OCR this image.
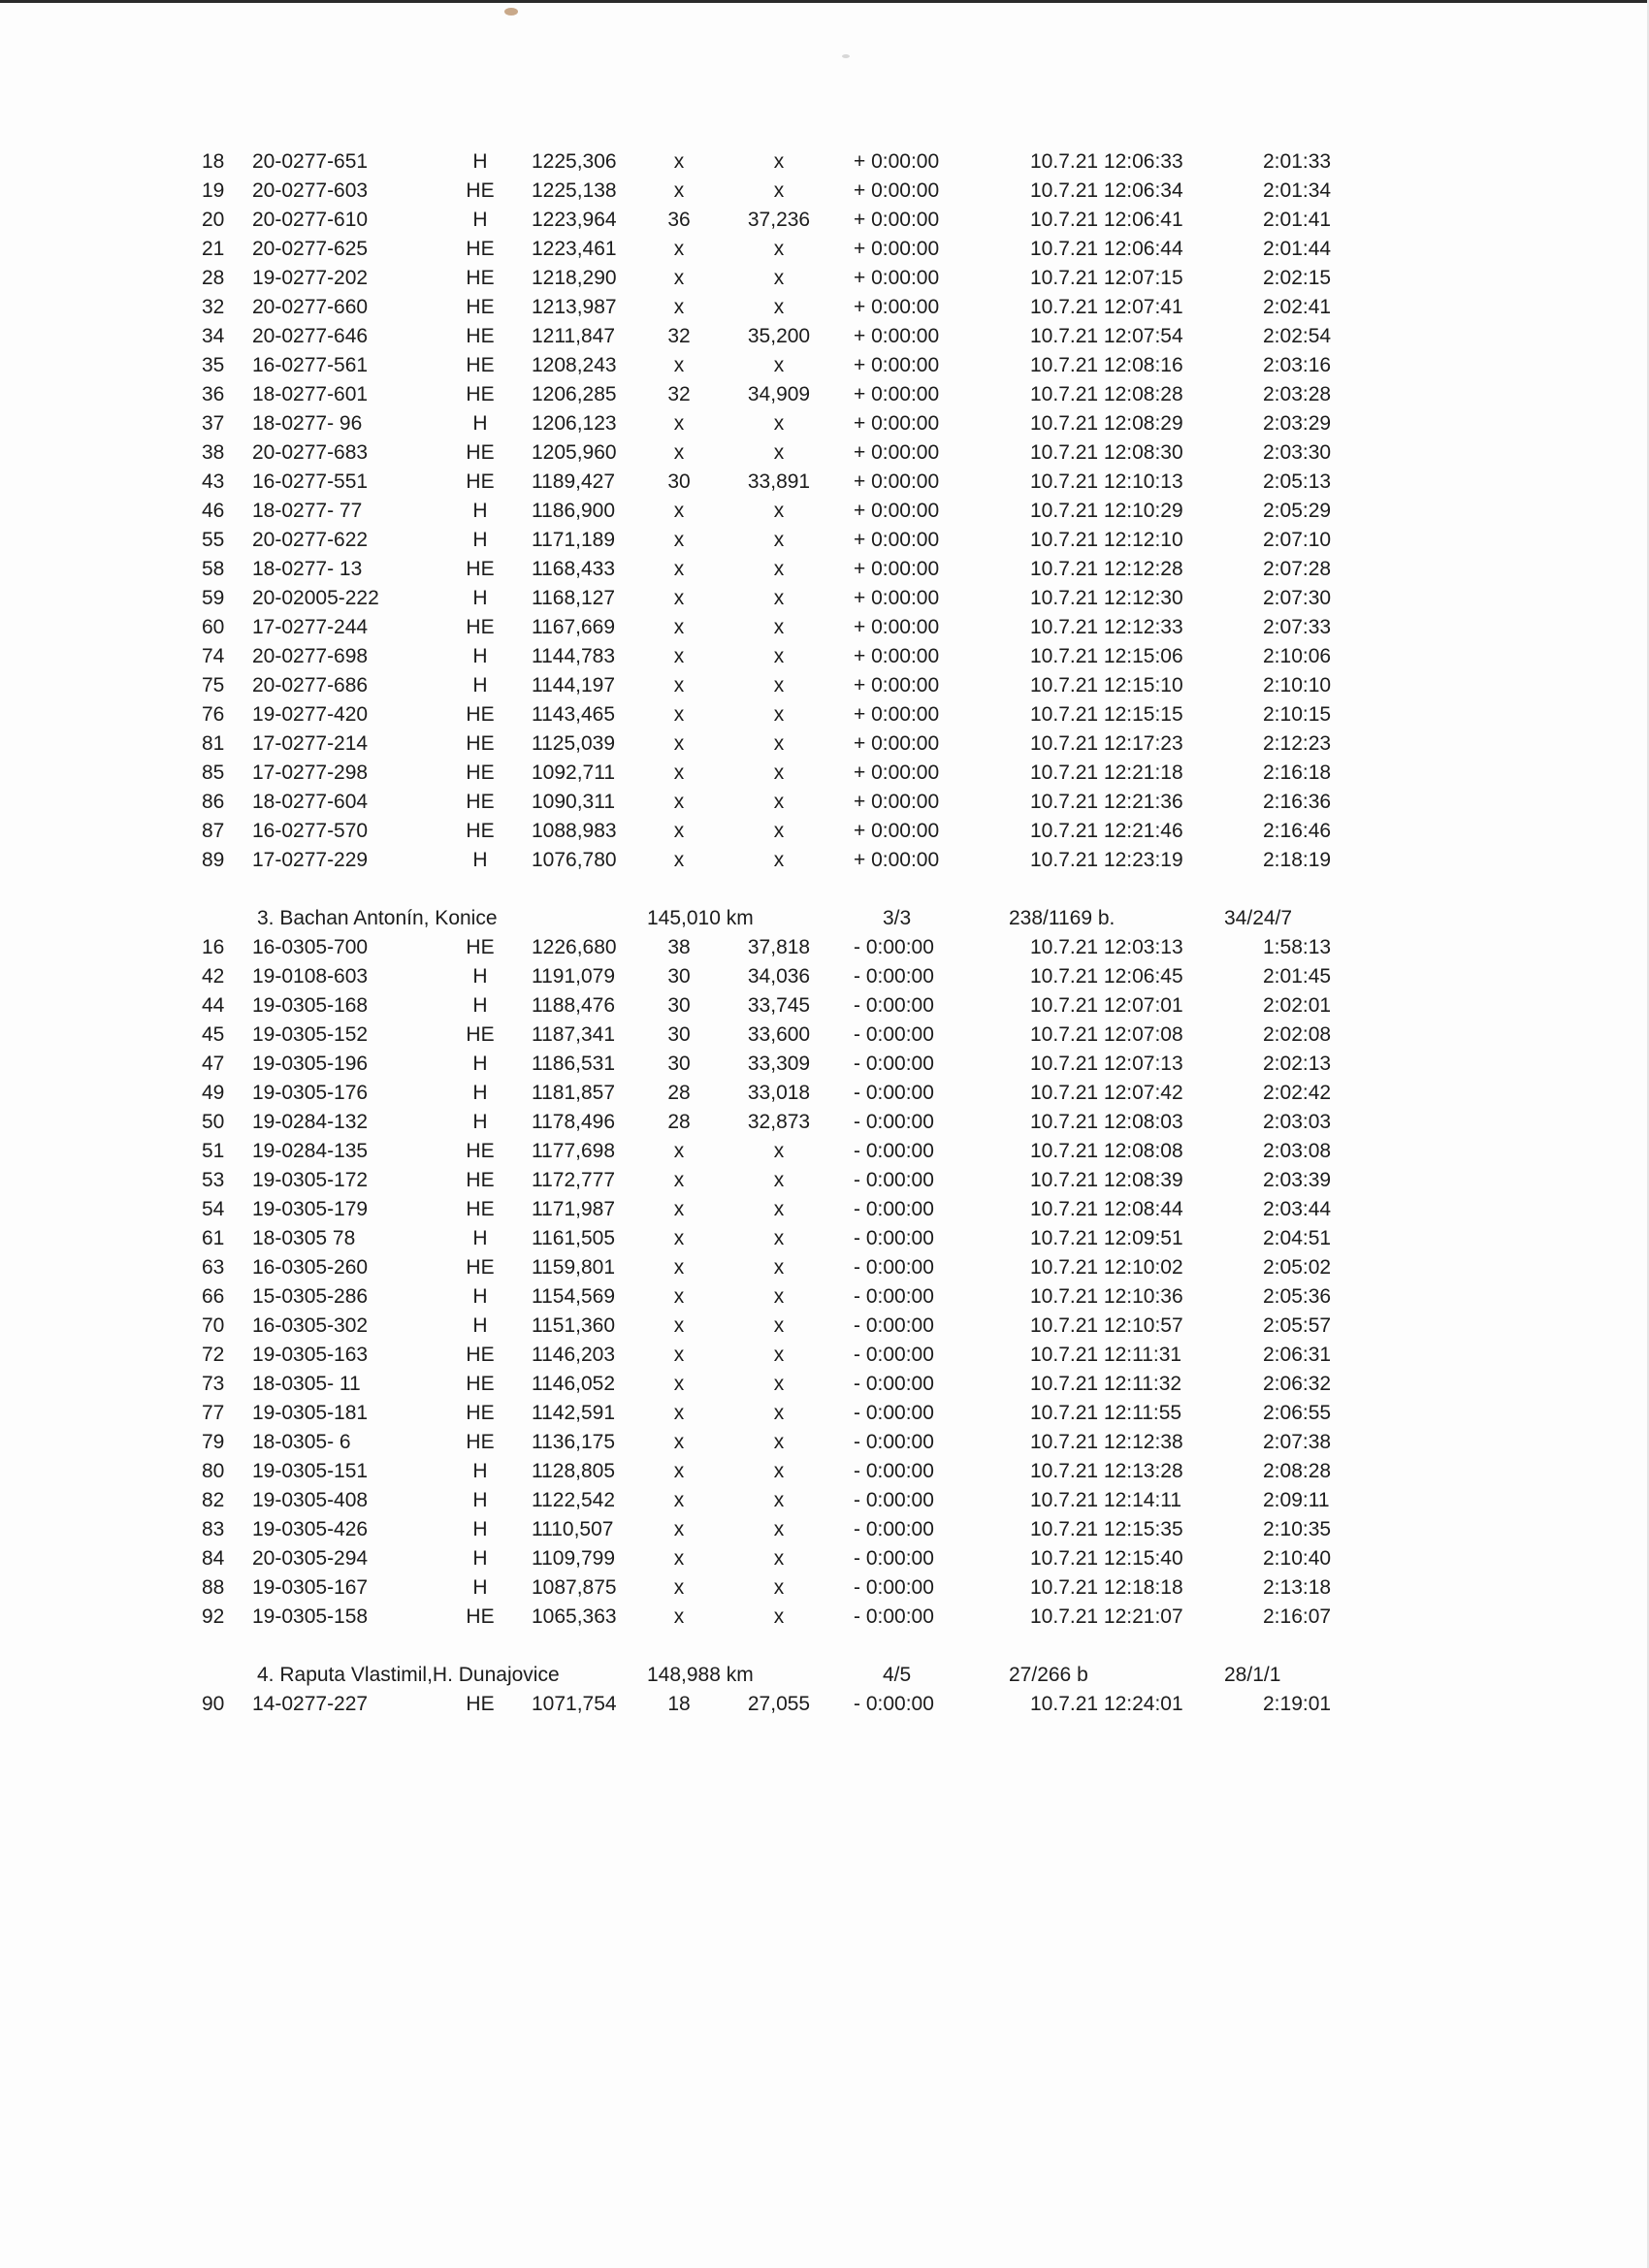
18 20-0277-651	H	1225,306	x	x	+ 0:00:00	10.7.21 12:06:33	2:01:33
19 20-0277-603	HE	1225,138	x	x	+ 0:00:00	10.7.21 12:06:34	2:01:34
20 20-0277-610	H	1223,964	36	37,236	+ 0:00:00	10.7.21 12:06:41	2:01:41
21 20-0277-625	HE	1223,461	x	x	+ 0:00:00	10.7.21 12:06:44	2:01:44
28 19-0277-202	HE	1218,290	x	x	+ 0:00:00	10.7.21 12:07:15	2:02:15
32 20-0277-660	HE	1213,987	x	x	+ 0:00:00	10.7.21 12:07:41	2:02:41
34 20-0277-646	HE	1211,847	32	35,200	+ 0:00:00	10.7.21 12:07:54	2:02:54
35 16-0277-561	HE	1208,243	x	x	+ 0:00:00	10.7.21 12:08:16	2:03:16
36 18-0277-601	HE	1206,285	32	34,909	+ 0:00:00	10.7.21 12:08:28	2:03:28
37 18-0277- 96	H	1206,123	x	x	+ 0:00:00	10.7.21 12:08:29	2:03:29
38 20-0277-683	HE	1205,960	x	x	+ 0:00:00	10.7.21 12:08:30	2:03:30
43 16-0277-551	HE	1189,427	30	33,891	+ 0:00:00	10.7.21 12:10:13	2:05:13
46 18-0277- 77	H	1186,900	x	x	+ 0:00:00	10.7.21 12:10:29	2:05:29
55 20-0277-622	H	1171,189	x	x	+ 0:00:00	10.7.21 12:12:10	2:07:10
58 18-0277- 13	HE	1168,433	x	x	+ 0:00:00	10.7.21 12:12:28	2:07:28
59 20-02005-222	H	1168,127	x	x	+ 0:00:00	10.7.21 12:12:30	2:07:30
60 17-0277-244	HE	1167,669	x	x	+ 0:00:00	10.7.21 12:12:33	2:07:33
74 20-0277-698	H	1144,783	x	x	+ 0:00:00	10.7.21 12:15:06	2:10:06
75 20-0277-686	H	1144,197	x	x	+ 0:00:00	10.7.21 12:15:10	2:10:10
76 19-0277-420	HE	1143,465	x	x	+ 0:00:00	10.7.21 12:15:15	2:10:15
81 17-0277-214	HE	1125,039	x	x	+ 0:00:00	10.7.21 12:17:23	2:12:23
85 17-0277-298	HE	1092,711	x	x	+ 0:00:00	10.7.21 12:21:18	2:16:18
86 18-0277-604	HE	1090,311	x	x	+ 0:00:00	10.7.21 12:21:36	2:16:36
87 16-0277-570	HE	1088,983	x	x	+ 0:00:00	10.7.21 12:21:46	2:16:46
89 17-0277-229	H	1076,780	x	x	+ 0:00:00	10.7.21 12:23:19	2:18:19
3. Bachan Antonín, Konice	145,010 km	3/3	238/1169 b.	34/24/7
16 16-0305-700	HE	1226,680	38	37,818	- 0:00:00	10.7.21 12:03:13	1:58:13
42 19-0108-603	H	1191,079	30	34,036	- 0:00:00	10.7.21 12:06:45	2:01:45
44 19-0305-168	H	1188,476	30	33,745	- 0:00:00	10.7.21 12:07:01	2:02:01
45 19-0305-152	HE	1187,341	30	33,600	- 0:00:00	10.7.21 12:07:08	2:02:08
47 19-0305-196	H	1186,531	30	33,309	- 0:00:00	10.7.21 12:07:13	2:02:13
49 19-0305-176	H	1181,857	28	33,018	- 0:00:00	10.7.21 12:07:42	2:02:42
50 19-0284-132	H	1178,496	28	32,873	- 0:00:00	10.7.21 12:08:03	2:03:03
51 19-0284-135	HE	1177,698	x	x	- 0:00:00	10.7.21 12:08:08	2:03:08
53 19-0305-172	HE	1172,777	x	x	- 0:00:00	10.7.21 12:08:39	2:03:39
54 19-0305-179	HE	1171,987	x	x	- 0:00:00	10.7.21 12:08:44	2:03:44
61 18-0305 78	H	1161,505	x	x	- 0:00:00	10.7.21 12:09:51	2:04:51
63 16-0305-260	HE	1159,801	x	x	- 0:00:00	10.7.21 12:10:02	2:05:02
66 15-0305-286	H	1154,569	x	x	- 0:00:00	10.7.21 12:10:36	2:05:36
70 16-0305-302	H	1151,360	x	x	- 0:00:00	10.7.21 12:10:57	2:05:57
72 19-0305-163	HE	1146,203	x	x	- 0:00:00	10.7.21 12:11:31	2:06:31
73 18-0305- 11	HE	1146,052	x	x	- 0:00:00	10.7.21 12:11:32	2:06:32
77 19-0305-181	HE	1142,591	x	x	- 0:00:00	10.7.21 12:11:55	2:06:55
79 18-0305- 6	HE	1136,175	x	x	- 0:00:00	10.7.21 12:12:38	2:07:38
80 19-0305-151	H	1128,805	x	x	- 0:00:00	10.7.21 12:13:28	2:08:28
82 19-0305-408	H	1122,542	x	x	- 0:00:00	10.7.21 12:14:11	2:09:11
83 19-0305-426	H	1110,507	x	x	- 0:00:00	10.7.21 12:15:35	2:10:35
84 20-0305-294	H	1109,799	x	x	- 0:00:00	10.7.21 12:15:40	2:10:40
88 19-0305-167	H	1087,875	x	x	- 0:00:00	10.7.21 12:18:18	2:13:18
92 19-0305-158	HE	1065,363	x	x	- 0:00:00	10.7.21 12:21:07	2:16:07
4. Raputa Vlastimil,H. Dunajovice	148,988 km	4/5	27/266 b	28/1/1
90 14-0277-227	HE	1071,754	18	27,055	- 0:00:00	10.7.21 12:24:01	2:19:01
